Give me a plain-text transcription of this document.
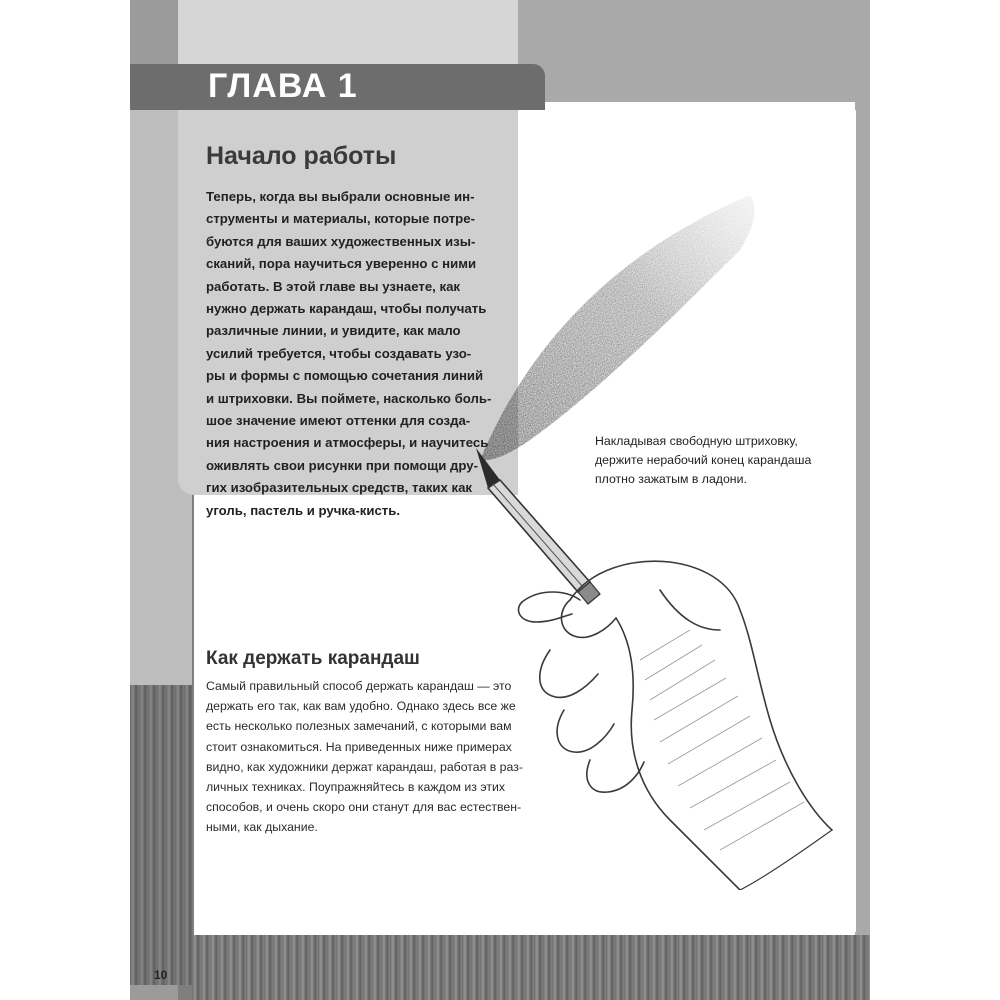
ГЛАВА 1
Начало работы
Теперь, когда вы выбрали основные ин-
струменты и материалы, которые потре-
буются для ваших художественных изы-
сканий, пора научиться уверенно с ними
работать. В этой главе вы узнаете, как
нужно держать карандаш, чтобы получать
различные линии, и увидите, как мало
усилий требуется, чтобы создавать узо-
ры и формы с помощью сочетания линий
и штриховки. Вы поймете, насколько боль-
шое значение имеют оттенки для созда-
ния настроения и атмосферы, и научитесь
оживлять свои рисунки при помощи дру-
гих изобразительных средств, таких как
уголь, пастель и ручка-кисть.
Накладывая свободную штриховку,
держите нерабочий конец карандаша
плотно зажатым в ладони.
Как держать карандаш
Самый правильный способ держать карандаш — это
держать его так, как вам удобно. Однако здесь все же
есть несколько полезных замечаний, с которыми вам
стоит ознакомиться. На приведенных ниже примерах
видно, как художники держат карандаш, работая в раз-
личных техниках. Поупражняйтесь в каждом из этих
способов, и очень скоро они станут для вас естествен-
ными, как дыхание.
10
